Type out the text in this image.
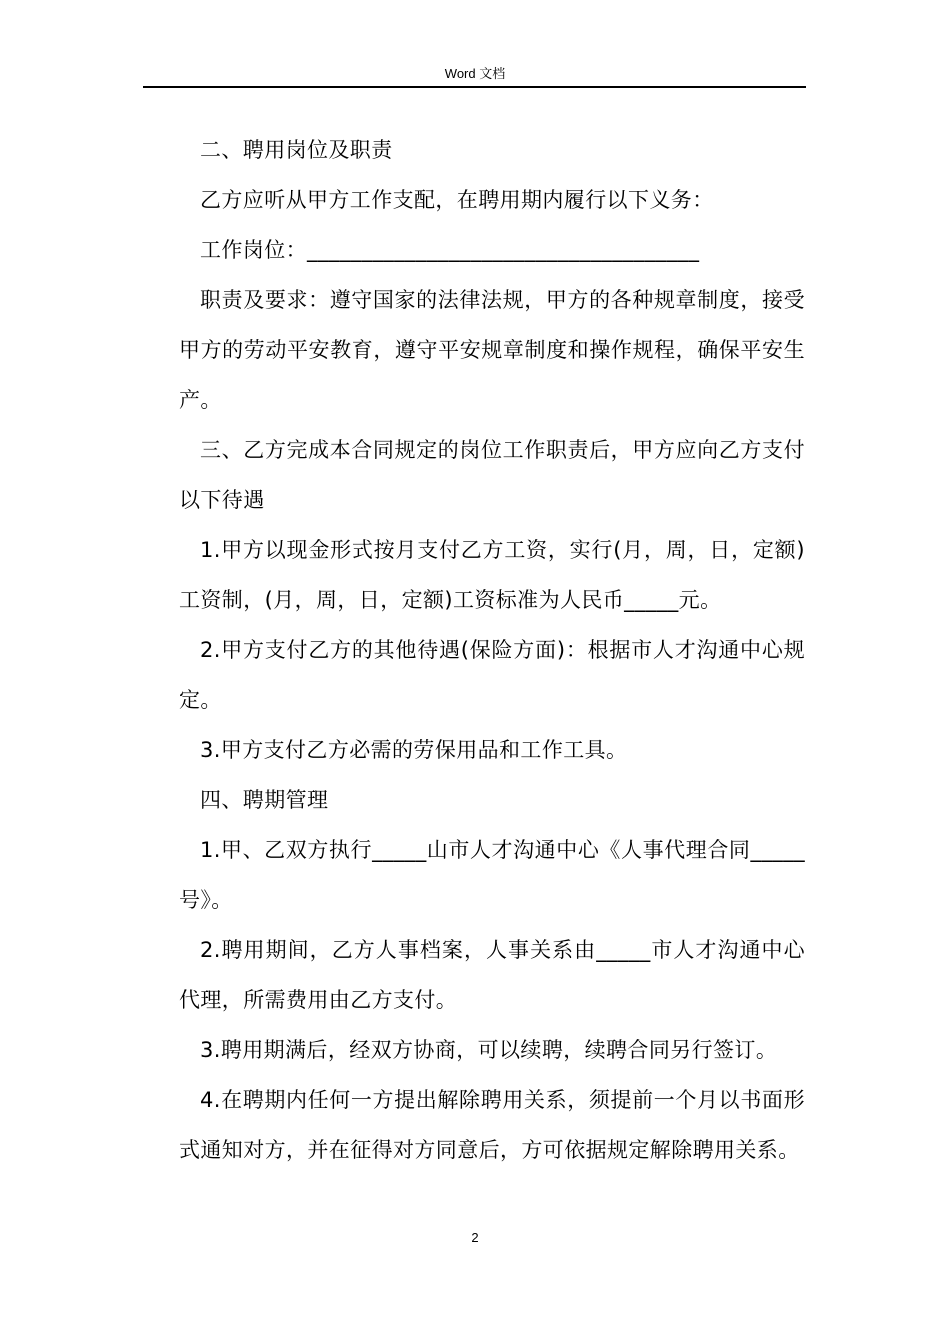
Word 文档

二、聘用岗位及职责

乙方应听从甲方工作支配，在聘用期内履行以下义务：

工作岗位：____________________________________

职责及要求：遵守国家的法律法规，甲方的各种规章制度，接受甲方的劳动平安教育，遵守平安规章制度和操作规程，确保平安生产。

三、乙方完成本合同规定的岗位工作职责后，甲方应向乙方支付以下待遇

1.甲方以现金形式按月支付乙方工资，实行(月，周，日，定额)工资制，(月，周，日，定额)工资标准为人民币_____元。

2.甲方支付乙方的其他待遇(保险方面)：根据市人才沟通中心规定。

3.甲方支付乙方必需的劳保用品和工作工具。

四、聘期管理

1.甲、乙双方执行_____山市人才沟通中心《人事代理合同_____号》。

2.聘用期间，乙方人事档案，人事关系由_____市人才沟通中心代理，所需费用由乙方支付。

3.聘用期满后，经双方协商，可以续聘，续聘合同另行签订。

4.在聘期内任何一方提出解除聘用关系，须提前一个月以书面形式通知对方，并在征得对方同意后，方可依据规定解除聘用关系。

2
